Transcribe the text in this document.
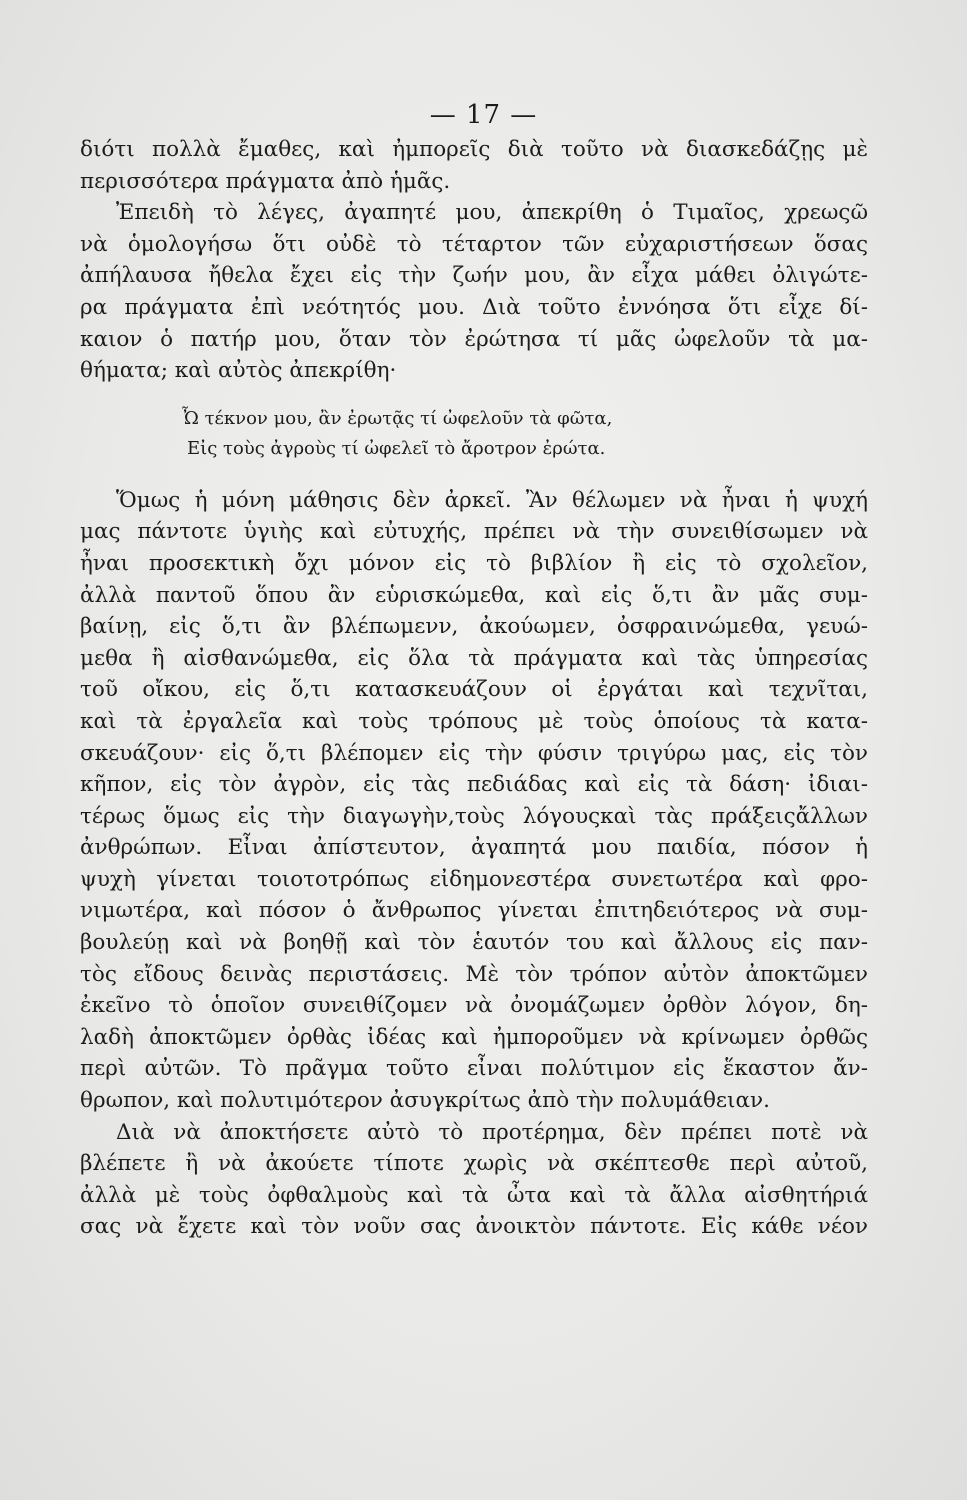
— 17 —
διότι πολλὰ ἔμαθες, καὶ ἠμπορεῖς διὰ τοῦτο νὰ διασκεδάζῃς μὲ
περισσότερα πράγματα ἀπὸ ἡμᾶς.
Ἐπειδὴ τὸ λέγες, ἀγαπητέ μου, ἀπεκρίθη ὁ Τιμαῖος, χρεωςῶ
νὰ ὁμολογήσω ὅτι οὐδὲ τὸ τέταρτον τῶν εὐχαριστήσεων ὅσας
ἀπήλαυσα ἤθελα ἔχει εἰς τὴν ζωήν μου, ἂν εἶχα μάθει ὀλιγώτε-
ρα πράγματα ἐπὶ νεότητός μου. Διὰ τοῦτο ἐννόησα ὅτι εἶχε δί-
καιον ὁ πατήρ μου, ὅταν τὸν ἐρώτησα τί μᾶς ὠφελοῦν τὰ μα-
θήματα; καὶ αὐτὸς ἀπεκρίθη·
Ὦ τέκνον μου, ἂν ἐρωτᾷς τί ὠφελοῦν τὰ φῶτα,
Εἰς τοὺς ἀγροὺς τί ὠφελεῖ τὸ ἄροτρον ἐρώτα.
Ὅμως ἡ μόνη μάθησις δὲν ἀρκεῖ. Ἂν θέλωμεν νὰ ἦναι ἡ ψυχή
μας πάντοτε ὑγιὴς καὶ εὐτυχής, πρέπει νὰ τὴν συνειθίσωμεν νὰ
ἦναι προσεκτικὴ ὄχι μόνον εἰς τὸ βιβλίον ἢ εἰς τὸ σχολεῖον,
ἀλλὰ παντοῦ ὅπου ἂν εὑρισκώμεθα, καὶ εἰς ὅ,τι ἂν μᾶς συμ-
βαίνῃ, εἰς ὅ,τι ἂν βλέπωμενν, ἀκούωμεν, ὀσφραινώμεθα, γευώ-
μεθα ἢ αἰσθανώμεθα, εἰς ὅλα τὰ πράγματα καὶ τὰς ὑπηρεσίας
τοῦ οἴκου, εἰς ὅ,τι κατασκευάζουν οἱ ἐργάται καὶ τεχνῖται,
καὶ τὰ ἐργαλεῖα καὶ τοὺς τρόπους μὲ τοὺς ὁποίους τὰ κατα-
σκευάζουν· εἰς ὅ,τι βλέπομεν εἰς τὴν φύσιν τριγύρω μας, εἰς τὸν
κῆπον, εἰς τὸν ἀγρὸν, εἰς τὰς πεδιάδας καὶ εἰς τὰ δάση· ἰδιαι-
τέρως ὅμως εἰς τὴν διαγωγὴν,τοὺς λόγουςκαὶ τὰς πράξειςἄλλων
ἀνθρώπων. Εἶναι ἀπίστευτον, ἀγαπητά μου παιδία, πόσον ἡ
ψυχὴ γίνεται τοιοτοτρόπως εἰδημονεστέρα συνετωτέρα καὶ φρο-
νιμωτέρα, καὶ πόσον ὁ ἄνθρωπος γίνεται ἐπιτηδειότερος νὰ συμ-
βουλεύῃ καὶ νὰ βοηθῇ καὶ τὸν ἑαυτόν του καὶ ἄλλους εἰς παν-
τὸς εἴδους δεινὰς περιστάσεις. Μὲ τὸν τρόπον αὐτὸν ἀποκτῶμεν
ἐκεῖνο τὸ ὁποῖον συνειθίζομεν νὰ ὀνομάζωμεν ὀρθὸν λόγον, δη-
λαδὴ ἀποκτῶμεν ὀρθὰς ἰδέας καὶ ἠμποροῦμεν νὰ κρίνωμεν ὀρθῶς
περὶ αὐτῶν. Τὸ πρᾶγμα τοῦτο εἶναι πολύτιμον εἰς ἕκαστον ἄν-
θρωπον, καὶ πολυτιμότερον ἀσυγκρίτως ἀπὸ τὴν πολυμάθειαν.
Διὰ νὰ ἀποκτήσετε αὐτὸ τὸ προτέρημα, δὲν πρέπει ποτὲ νὰ
βλέπετε ἢ νὰ ἀκούετε τίποτε χωρὶς νὰ σκέπτεσθε περὶ αὐτοῦ,
ἀλλὰ μὲ τοὺς ὀφθαλμοὺς καὶ τὰ ὦτα καὶ τὰ ἄλλα αἰσθητήριά
σας νὰ ἔχετε καὶ τὸν νοῦν σας ἀνοικτὸν πάντοτε. Εἰς κάθε νέον
